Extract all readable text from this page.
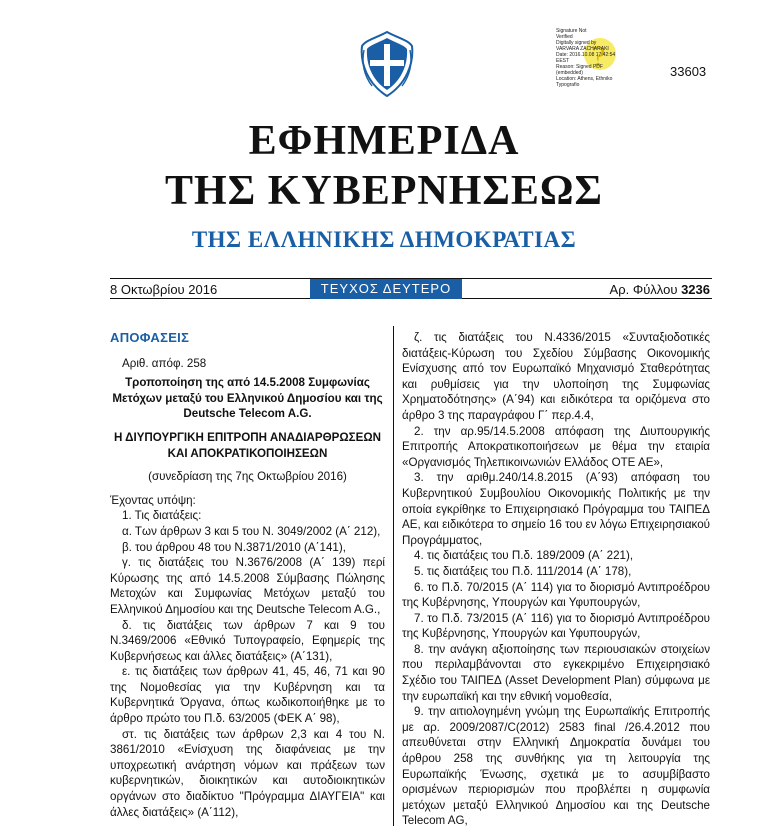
?
Signature Not
Verified
Digitally signed by
VARVARA ZACHARAKI
Date: 2016.10.08 17:42:54
EEST
Reason: Signed PDF
(embedded)
Location: Athens, Ethniko
Typografio
33603
ΕΦΗΜΕΡΙΔΑ
ΤΗΣ ΚΥΒΕΡΝΗΣΕΩΣ
ΤΗΣ ΕΛΛΗΝΙΚΗΣ ΔΗΜΟΚΡΑΤΙΑΣ
8 Οκτωβρίου 2016	ΤΕΥΧΟΣ ΔΕΥΤΕΡΟ	Αρ. Φύλλου 3236

ΑΠΟΦΑΣΕΙΣ

Αριθ. απόφ. 258

Τροποποίηση της από 14.5.2008 Συμφωνίας Μετόχων μεταξύ του Ελληνικού Δημοσίου και της Deutsche Telecom A.G.

Η ΔΙΥΠΟΥΡΓΙΚΗ ΕΠΙΤΡΟΠΗ ΑΝΑΔΙΑΡΘΡΩΣΕΩΝ ΚΑΙ ΑΠΟΚΡΑΤΙΚΟΠΟΙΗΣΕΩΝ

(συνεδρίαση της 7ης Οκτωβρίου 2016)

Έχοντας υπόψη:

1. Τις διατάξεις:

α. Των άρθρων 3 και 5 του Ν. 3049/2002 (Α΄ 212),

β. του άρθρου 48 του Ν.3871/2010 (Α΄141),

γ. τις διατάξεις του Ν.3676/2008 (Α΄ 139) περί Κύρωσης της από 14.5.2008 Σύμβασης Πώλησης Μετοχών και Συμφωνίας Μετόχων μεταξύ του Ελληνικού Δημοσίου και της Deutsche Telecom A.G.,

δ. τις διατάξεις των άρθρων 7 και 9 του Ν.3469/2006 «Εθνικό Τυπογραφείο, Εφημερίς της Κυβερνήσεως και άλλες διατάξεις» (Α΄131),

ε. τις διατάξεις των άρθρων 41, 45, 46, 71 και 90 της Νομοθεσίας για την Κυβέρνηση και τα Κυβερνητικά Όργανα, όπως κωδικοποιήθηκε με το άρθρο πρώτο του Π.δ. 63/2005 (ΦΕΚ Α΄ 98),

στ. τις διατάξεις των άρθρων 2,3 και 4 του Ν. 3861/2010 «Ενίσχυση της διαφάνειας με την υποχρεωτική ανάρτηση νόμων και πράξεων των κυβερνητικών, διοικητικών και αυτοδιοικητικών οργάνων στο διαδίκτυο "Πρόγραμμα ΔΙΑΥΓΕΙΑ" και άλλες διατάξεις» (Α΄112),

ζ. τις διατάξεις του Ν.4336/2015 «Συνταξιοδοτικές διατάξεις-Κύρωση του Σχεδίου Σύμβασης Οικονομικής Ενίσχυσης από τον Ευρωπαϊκό Μηχανισμό Σταθερότητας και ρυθμίσεις για την υλοποίηση της Συμφωνίας Χρηματοδότησης» (Α΄94) και ειδικότερα τα οριζόμενα στο άρθρο 3 της παραγράφου Γ΄ περ.4.4,

2. την αρ.95/14.5.2008 απόφαση της Διυπουργικής Επιτροπής Αποκρατικοποιήσεων με θέμα την εταιρία «Οργανισμός Τηλεπικοινωνιών Ελλάδος ΟΤΕ ΑΕ»,

3. την αριθμ.240/14.8.2015 (Α΄93) απόφαση του Κυβερνητικού Συμβουλίου Οικονομικής Πολιτικής με την οποία εγκρίθηκε το Επιχειρησιακό Πρόγραμμα του ΤΑΙΠΕΔ ΑΕ, και ειδικότερα το σημείο 16 του εν λόγω Επιχειρησιακού Προγράμματος,

4. τις διατάξεις του Π.δ. 189/2009 (Α΄ 221),

5. τις διατάξεις του Π.δ. 111/2014 (Α΄ 178),

6. το Π.δ. 70/2015 (Α΄ 114) για το διορισμό Αντιπροέδρου της Κυβέρνησης, Υπουργών και Υφυπουργών,

7. το Π.δ. 73/2015 (Α΄ 116) για το διορισμό Αντιπροέδρου της Κυβέρνησης, Υπουργών και Υφυπουργών,

8. την ανάγκη αξιοποίησης των περιουσιακών στοιχείων που περιλαμβάνονται στο εγκεκριμένο Επιχειρησιακό Σχέδιο του ΤΑΙΠΕΔ (Asset Development Plan) σύμφωνα με την ευρωπαϊκή και την εθνική νομοθεσία,

9. την αιτιολογημένη γνώμη της Ευρωπαϊκής Επιτροπής με αρ. 2009/2087/C(2012) 2583 final /26.4.2012 που απευθύνεται στην Ελληνική Δημοκρατία δυνάμει του άρθρου 258 της συνθήκης για τη λειτουργία της Ευρωπαϊκής Ένωσης, σχετικά με το ασυμβίβαστο ορισμένων περιορισμών που προβλέπει η συμφωνία μετόχων μεταξύ Ελληνικού Δημοσίου και της Deutsche Telecom AG,
